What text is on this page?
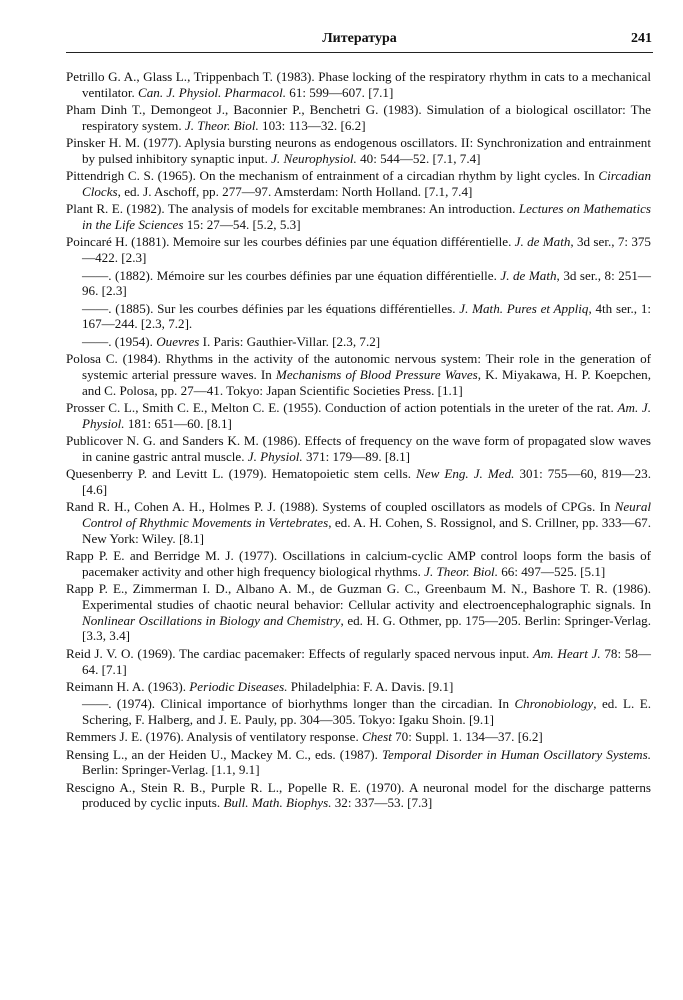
Литература	241

Petrillo G. A., Glass L., Trippenbach T. (1983). Phase locking of the respiratory rhythm in cats to a mechanical ventilator. Can. J. Physiol. Pharmacol. 61: 599—607. [7.1]

Pham Dinh T., Demongeot J., Baconnier P., Benchetri G. (1983). Simulation of a biological oscillator: The respiratory system. J. Theor. Biol. 103: 113—32. [6.2]

Pinsker H. M. (1977). Aplysia bursting neurons as endogenous oscillators. II: Synchronization and entrainment by pulsed inhibitory synaptic input. J. Neurophysiol. 40: 544—52. [7.1, 7.4]

Pittendrigh C. S. (1965). On the mechanism of entrainment of a circadian rhythm by light cycles. In Circadian Clocks, ed. J. Aschoff, pp. 277—97. Amsterdam: North Holland. [7.1, 7.4]

Plant R. E. (1982). The analysis of models for excitable membranes: An introduction. Lectures on Mathematics in the Life Sciences 15: 27—54. [5.2, 5.3]

Poincaré H. (1881). Memoire sur les courbes définies par une équation différentielle. J. de Math, 3d ser., 7: 375—422. [2.3]

——. (1882). Mémoire sur les courbes définies par une équation différentielle. J. de Math, 3d ser., 8: 251—96. [2.3]

——. (1885). Sur les courbes définies par les équations différentielles. J. Math. Pures et Appliq, 4th ser., 1: 167—244. [2.3, 7.2].

——. (1954). Ouevres I. Paris: Gauthier-Villar. [2.3, 7.2]

Polosa C. (1984). Rhythms in the activity of the autonomic nervous system: Their role in the generation of systemic arterial pressure waves. In Mechanisms of Blood Pressure Waves, K. Miyakawa, H. P. Koepchen, and C. Polosa, pp. 27—41. Tokyo: Japan Scientific Societies Press. [1.1]

Prosser C. L., Smith C. E., Melton C. E. (1955). Conduction of action potentials in the ureter of the rat. Am. J. Physiol. 181: 651—60. [8.1]

Publicover N. G. and Sanders K. M. (1986). Effects of frequency on the wave form of propagated slow waves in canine gastric antral muscle. J. Physiol. 371: 179—89. [8.1]

Quesenberry P. and Levitt L. (1979). Hematopoietic stem cells. New Eng. J. Med. 301: 755—60, 819—23. [4.6]

Rand R. H., Cohen A. H., Holmes P. J. (1988). Systems of coupled oscillators as models of CPGs. In Neural Control of Rhythmic Movements in Vertebrates, ed. A. H. Cohen, S. Rossignol, and S. Crillner, pp. 333—67. New York: Wiley. [8.1]

Rapp P. E. and Berridge M. J. (1977). Oscillations in calcium-cyclic AMP control loops form the basis of pacemaker activity and other high frequency biological rhythms. J. Theor. Biol. 66: 497—525. [5.1]

Rapp P. E., Zimmerman I. D., Albano A. M., de Guzman G. C., Greenbaum M. N., Bashore T. R. (1986). Experimental studies of chaotic neural behavior: Cellular activity and electroencephalographic signals. In Nonlinear Oscillations in Biology and Chemistry, ed. H. G. Othmer, pp. 175—205. Berlin: Springer-Verlag. [3.3, 3.4]

Reid J. V. O. (1969). The cardiac pacemaker: Effects of regularly spaced nervous input. Am. Heart J. 78: 58—64. [7.1]

Reimann H. A. (1963). Periodic Diseases. Philadelphia: F. A. Davis. [9.1]

——. (1974). Clinical importance of biorhythms longer than the circadian. In Chronobiology, ed. L. E. Schering, F. Halberg, and J. E. Pauly, pp. 304—305. Tokyo: Igaku Shoin. [9.1]

Remmers J. E. (1976). Analysis of ventilatory response. Chest 70: Suppl. 1. 134—37. [6.2]

Rensing L., an der Heiden U., Mackey M. C., eds. (1987). Temporal Disorder in Human Oscillatory Systems. Berlin: Springer-Verlag. [1.1, 9.1]

Rescigno A., Stein R. B., Purple R. L., Popelle R. E. (1970). A neuronal model for the discharge patterns produced by cyclic inputs. Bull. Math. Biophys. 32: 337—53. [7.3]
